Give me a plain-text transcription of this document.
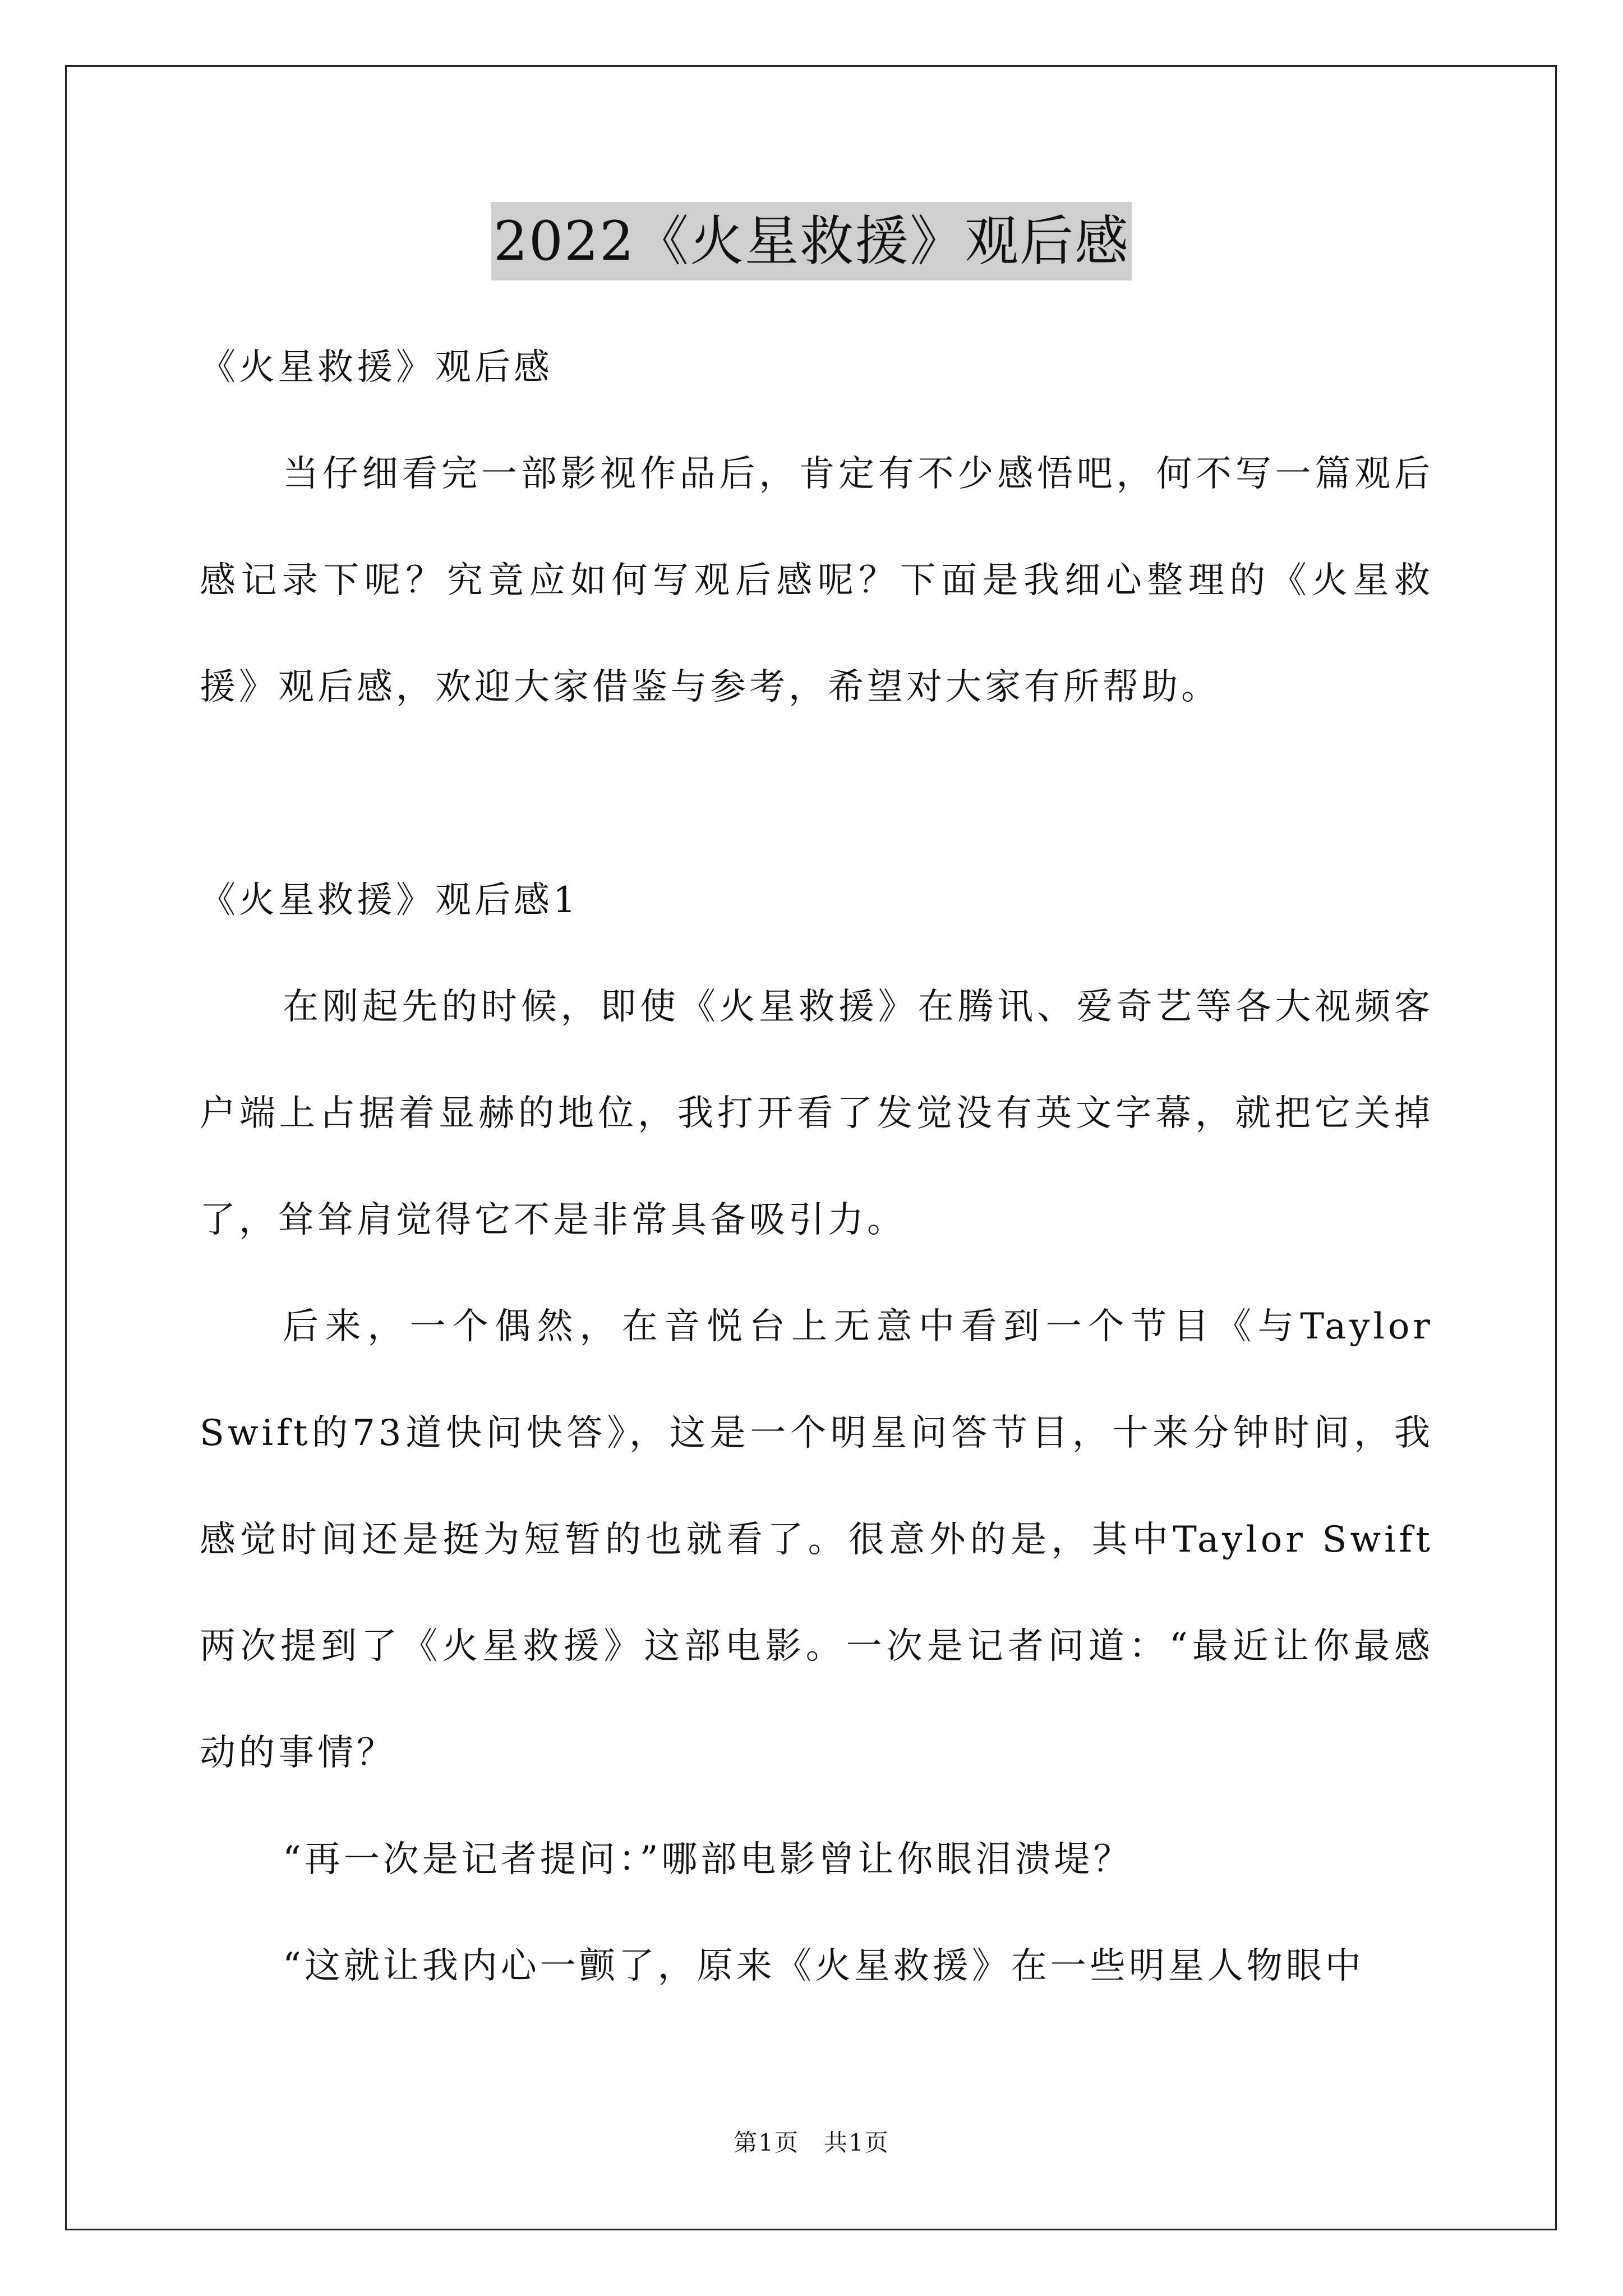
2022《火星救援》观后感

《火星救援》观后感

当仔细看完一部影视作品后，肯定有不少感悟吧，何不写一篇观后感记录下呢？究竟应如何写观后感呢？下面是我细心整理的《火星救援》观后感，欢迎大家借鉴与参考，希望对大家有所帮助。

《火星救援》观后感1

在刚起先的时候，即使《火星救援》在腾讯、爱奇艺等各大视频客户端上占据着显赫的地位，我打开看了发觉没有英文字幕，就把它关掉了，耸耸肩觉得它不是非常具备吸引力。

后来，一个偶然，在音悦台上无意中看到一个节目《与Taylor Swift的73道快问快答》，这是一个明星问答节目，十来分钟时间，我感觉时间还是挺为短暂的也就看了。很意外的是，其中Taylor Swift两次提到了《火星救援》这部电影。一次是记者问道：“最近让你最感动的事情？

“再一次是记者提问：”哪部电影曾让你眼泪溃堤？

“这就让我内心一颤了，原来《火星救援》在一些明星人物眼中

第1页　共1页
